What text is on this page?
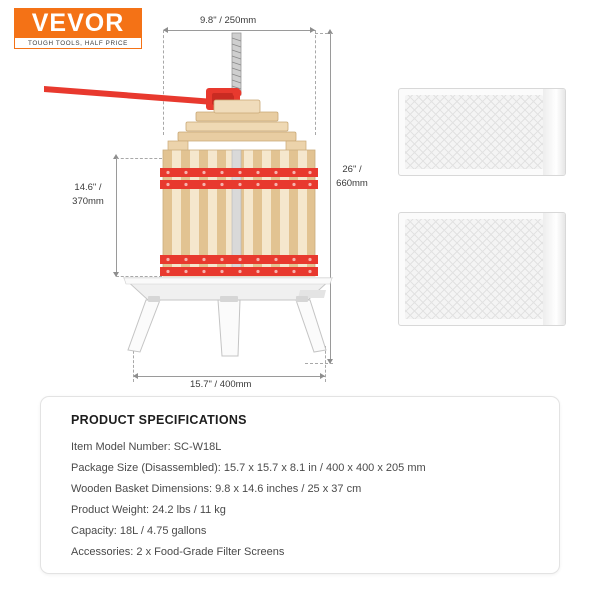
VEVOR
TOUGH TOOLS, HALF PRICE
9.8" / 250mm
14.6" /
370mm
26" /
660mm
15.7" / 400mm
PRODUCT SPECIFICATIONS
Item Model Number: SC-W18L
Package Size (Disassembled): 15.7 x 15.7 x 8.1 in / 400 x 400 x 205 mm
Wooden Basket Dimensions: 9.8 x 14.6 inches / 25 x 37 cm
Product Weight: 24.2 lbs / 11 kg
Capacity: 18L / 4.75 gallons
Accessories: 2 x Food-Grade Filter Screens
